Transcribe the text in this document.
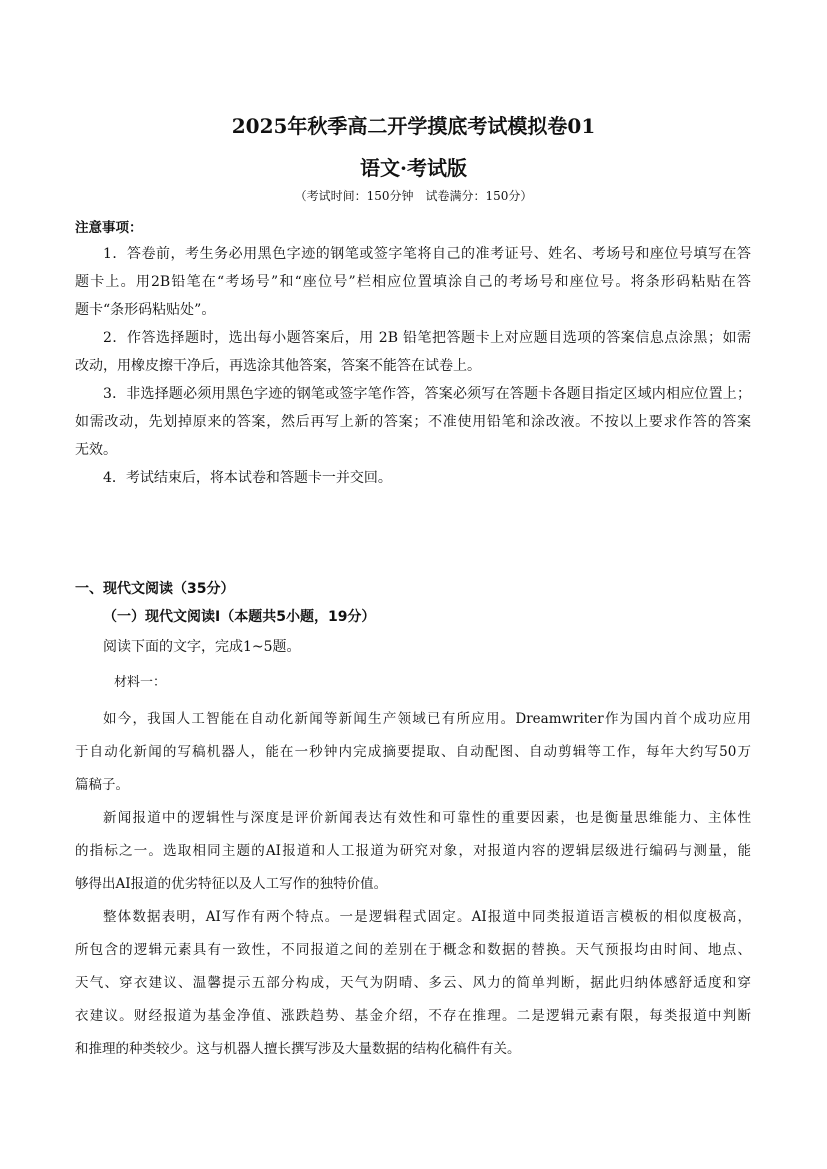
2025年秋季高二开学摸底考试模拟卷01
语文·考试版
（考试时间：150分钟　试卷满分：150分）
注意事项：
1．答卷前，考生务必用黑色字迹的钢笔或签字笔将自己的准考证号、姓名、考场号和座位号填写在答
题卡上。用2B铅笔在“考场号”和“座位号”栏相应位置填涂自己的考场号和座位号。将条形码粘贴在答
题卡“条形码粘贴处”。
2．作答选择题时，选出每小题答案后，用 2B 铅笔把答题卡上对应题目选项的答案信息点涂黑；如需
改动，用橡皮擦干净后，再选涂其他答案，答案不能答在试卷上。
3．非选择题必须用黑色字迹的钢笔或签字笔作答，答案必须写在答题卡各题目指定区域内相应位置上；
如需改动，先划掉原来的答案，然后再写上新的答案；不准使用铅笔和涂改液。不按以上要求作答的答案
无效。
4．考试结束后，将本试卷和答题卡一并交回。
一、现代文阅读（35分）
（一）现代文阅读Ⅰ（本题共5小题，19分）
阅读下面的文字，完成1~5题。
材料一：
如今，我国人工智能在自动化新闻等新闻生产领域已有所应用。Dreamwriter作为国内首个成功应用
于自动化新闻的写稿机器人，能在一秒钟内完成摘要提取、自动配图、自动剪辑等工作，每年大约写50万
篇稿子。
新闻报道中的逻辑性与深度是评价新闻表达有效性和可靠性的重要因素，也是衡量思维能力、主体性
的指标之一。选取相同主题的AI报道和人工报道为研究对象，对报道内容的逻辑层级进行编码与测量，能
够得出AI报道的优劣特征以及人工写作的独特价值。
整体数据表明，AI写作有两个特点。一是逻辑程式固定。AI报道中同类报道语言模板的相似度极高，
所包含的逻辑元素具有一致性，不同报道之间的差别在于概念和数据的替换。天气预报均由时间、地点、
天气、穿衣建议、温馨提示五部分构成，天气为阴晴、多云、风力的简单判断，据此归纳体感舒适度和穿
衣建议。财经报道为基金净值、涨跌趋势、基金介绍，不存在推理。二是逻辑元素有限，每类报道中判断
和推理的种类较少。这与机器人擅长撰写涉及大量数据的结构化稿件有关。
